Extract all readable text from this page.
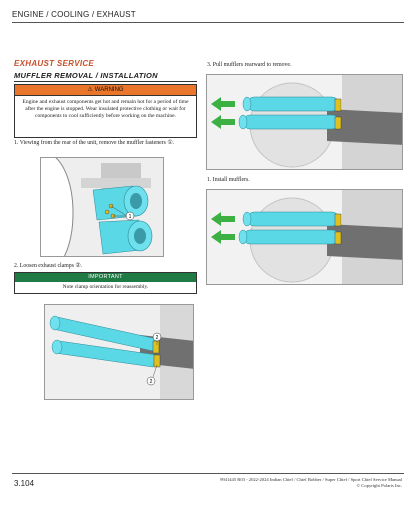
ENGINE / COOLING / EXHAUST
EXHAUST SERVICE
MUFFLER REMOVAL / INSTALLATION
⚠ WARNING
Engine and exhaust components get hot and remain hot for a period of time after the engine is stopped. Wear insulated protective clothing or wait for components to cool sufficiently before working on the machine.
1. Viewing from the rear of the unit, remove the muffler fasteners ①.
1
2. Loosen exhaust clamps ②.
IMPORTANT
Note clamp orientation for reassembly.
2
2
3. Pull mufflers rearward to remove.
1. Install mufflers.
3.104	9941445 R03 - 2022-2024 Indian Chief / Chief Bobber / Super Chief / Sport Chief Service Manual
© Copyright Polaris Inc.
